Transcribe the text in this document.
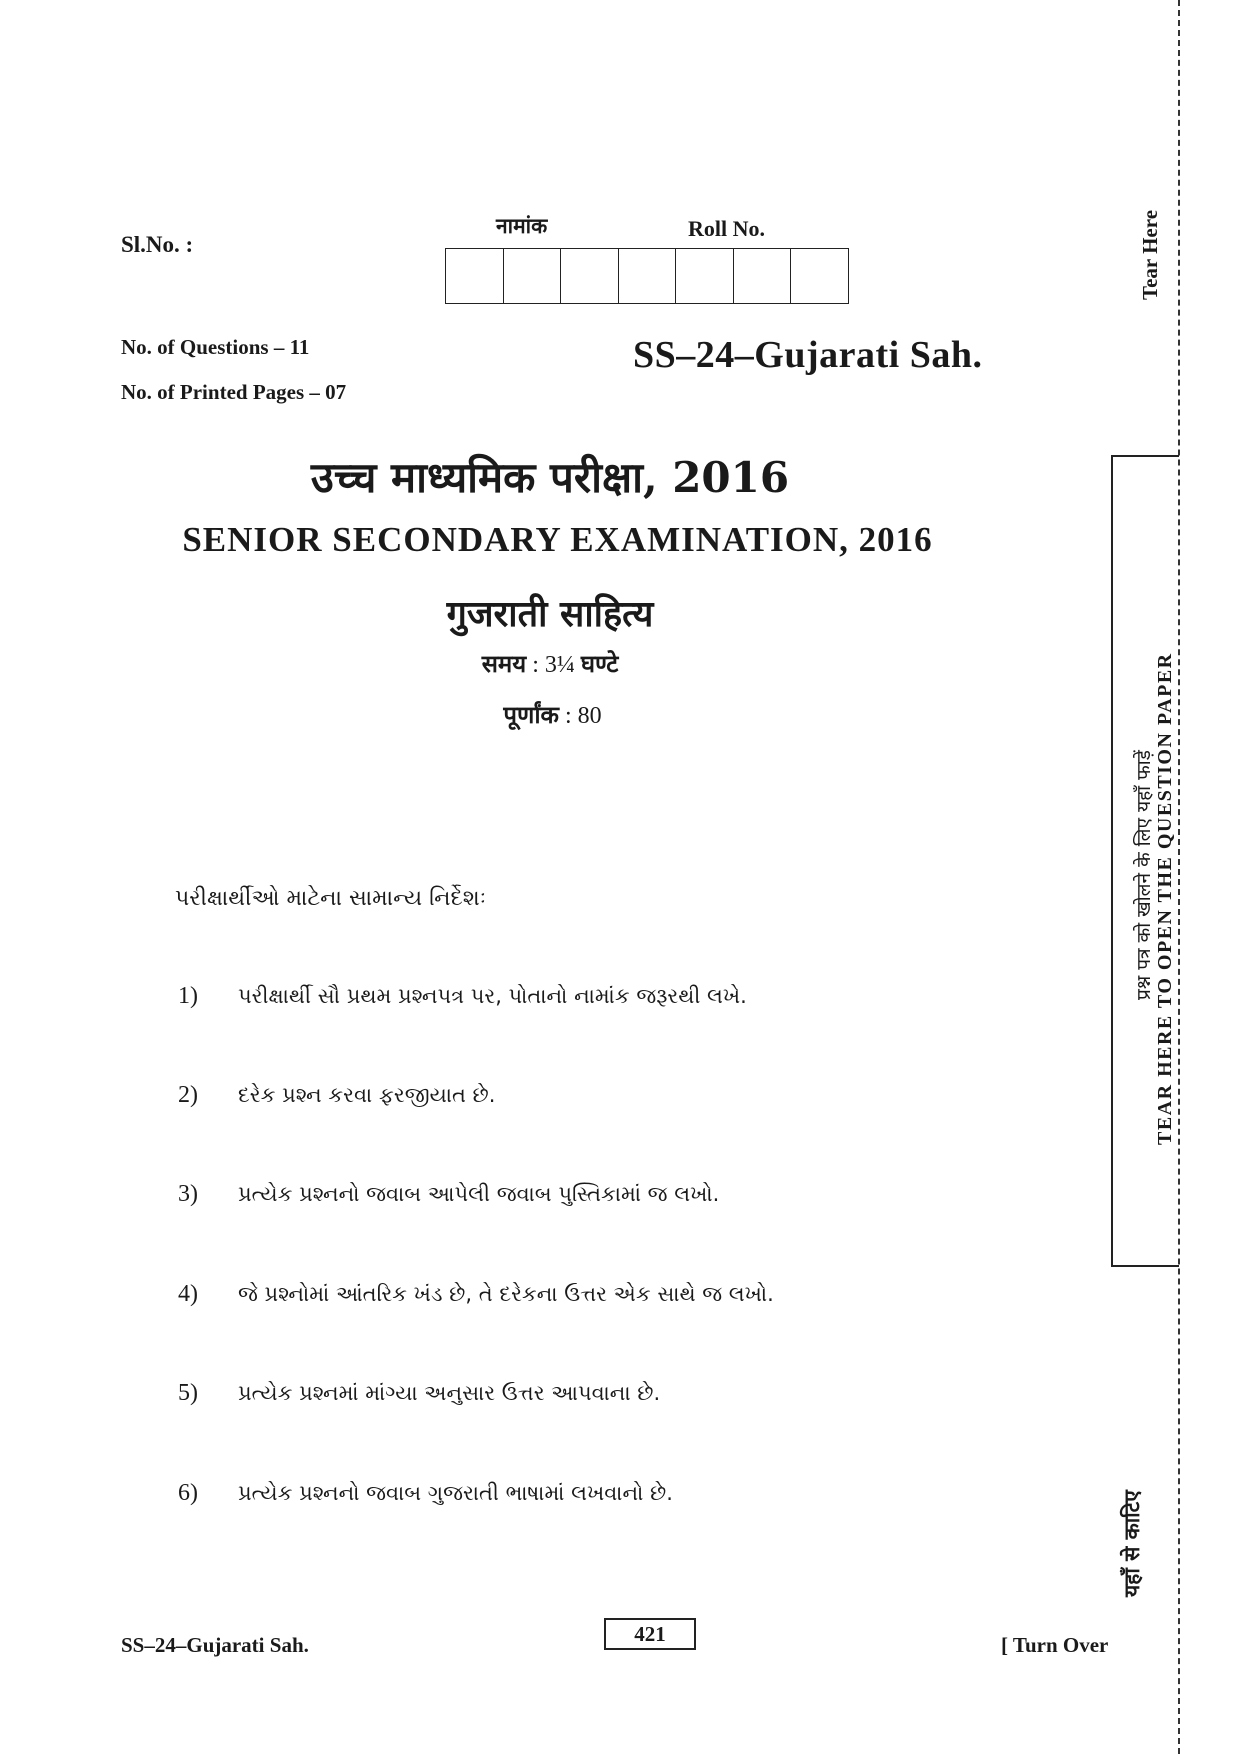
Sl.No. :
नामांक	Roll No.
No. of Questions – 11
No. of Printed Pages – 07
SS–24–Gujarati Sah.
उच्च माध्यमिक परीक्षा, 2016
SENIOR SECONDARY EXAMINATION, 2016
गुजराती साहित्य
समय : 3¼ घण्टे
पूर्णांक : 80
પરીક્ષાર્થીઓ માટેના સામાન્ય નિર્દેશઃ
1)	પરીક્ષાર્થી સૌ પ્રથમ પ્રશ્નપત્ર પર, પોતાનો નામાંક જરૂરથી લખે.
2)	દરેક પ્રશ્ન કરવા ફરજીયાત છે.
3)	પ્રત્યેક પ્રશ્નનો જવાબ આપેલી જવાબ પુસ્તિકામાં જ લખો.
4)	જે પ્રશ્નોમાં આંતરિક ખંડ છે, તે દરેકના ઉત્તર એક સાથે જ લખો.
5)	પ્રત્યેક પ્રશ્નમાં માંગ્યા અનુસાર ઉત્તર આપવાના છે.
6)	પ્રત્યેક પ્રશ્નનો જવાબ ગુજરાતી ભાષામાં લખવાનો છે.
Tear Here
प्रश्न पत्र को खोलने के लिए यहाँ फाड़ें TEAR HERE TO OPEN THE QUESTION PAPER
यहाँ से काटिए
SS–24–Gujarati Sah.	421	[ Turn Over
